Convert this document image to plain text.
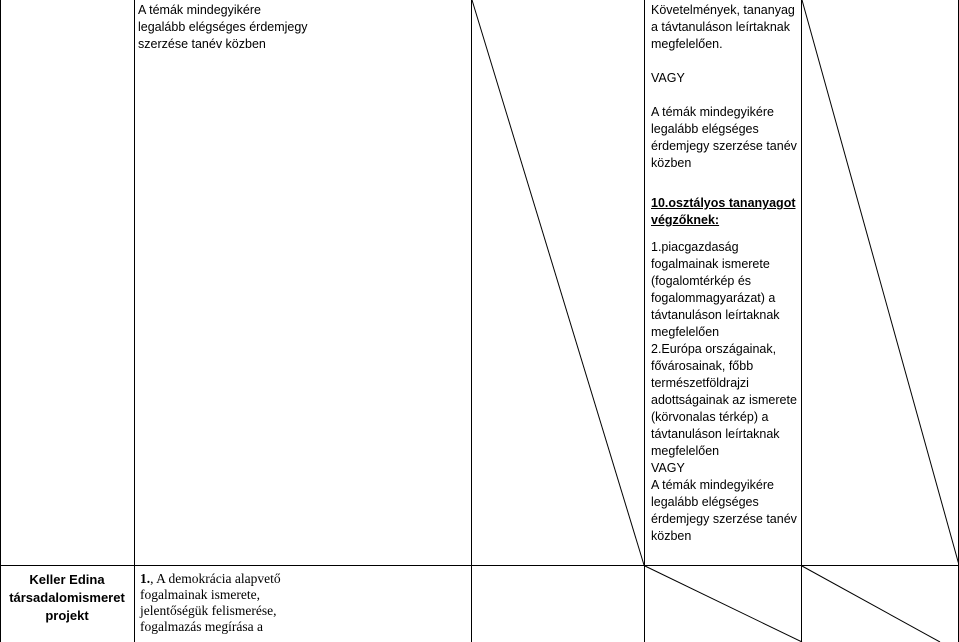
A témák mindegyikére legalább elégséges érdemjegy szerzése tanév közben
Követelmények, tananyag a távtanuláson leírtaknak megfelelően.
VAGY
A témák mindegyikére legalább elégséges érdemjegy szerzése tanév közben
10.osztályos tananyagot végzőknek:
1.piacgazdaság fogalmainak ismerete (fogalomtérkép és fogalommagyarázat) a távtanuláson leírtaknak megfelelően
2.Európa országainak, fővárosainak, főbb természetföldrajzi adottságainak az ismerete (körvonalas térkép) a távtanuláson leírtaknak megfelelően
VAGY
A témák mindegyikére legalább elégséges érdemjegy szerzése tanév közben
Keller Edina társadalomismeret projekt
1., A demokrácia alapvető fogalmainak ismerete, jelentőségük felismerése, fogalmazás megírása a
